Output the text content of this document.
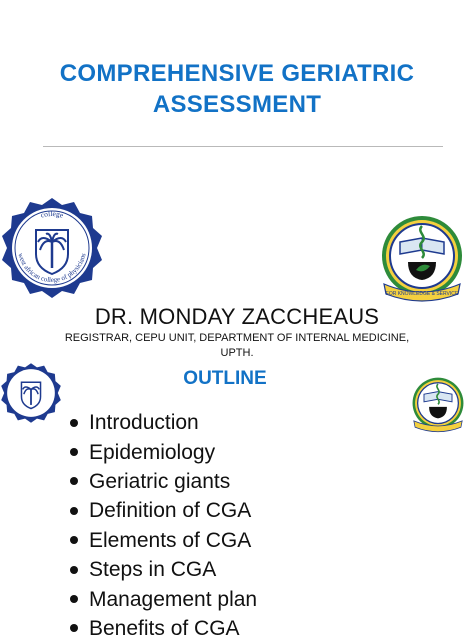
COMPREHENSIVE GERIATRIC
ASSESSMENT
college
west african college of physicians
FOR KNOWLEDGE & SERVICE
DR. MONDAY ZACCHEAUS
REGISTRAR, CEPU UNIT, DEPARTMENT OF INTERNAL MEDICINE,
UPTH.
OUTLINE
Introduction
Epidemiology
Geriatric giants
Definition of CGA
Elements of CGA
Steps in CGA
Management plan
Benefits of CGA
